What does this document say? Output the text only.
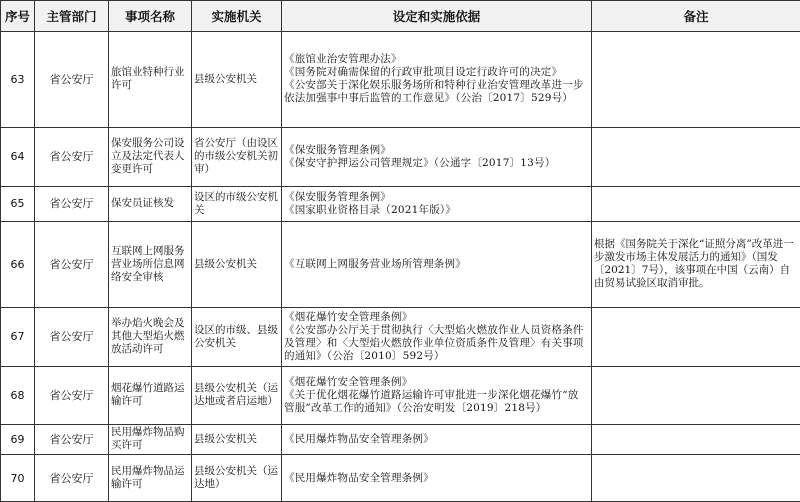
序号	主管部门	事项名称	实施机关	设定和实施依据	备注
63	省公安厅	旅馆业特种行业许可	县级公安机关	《旅馆业治安管理办法》
《国务院对确需保留的行政审批项目设定行政许可的决定》
《公安部关于深化娱乐服务场所和特种行业治安管理改革进一步依法加强事中事后监管的工作意见》（公治〔2017〕529号）	

64	省公安厅	保安服务公司设立及法定代表人变更许可	省公安厅（由设区的市级公安机关初审）	《保安服务管理条例》
《保安守护押运公司管理规定》（公通字〔2017〕13号）	

65	省公安厅	保安员证核发	设区的市级公安机关	《保安服务管理条例》
《国家职业资格目录（2021年版）》	

66	省公安厅	互联网上网服务营业场所信息网络安全审核	县级公安机关	《互联网上网服务营业场所管理条例》	根据《国务院关于深化“证照分离”改革进一步激发市场主体发展活力的通知》（国发〔2021〕7号），该事项在中国（云南）自由贸易试验区取消审批。
67	省公安厅	举办焰火晚会及其他大型焰火燃放活动许可	设区的市级、县级公安机关	《烟花爆竹安全管理条例》
《公安部办公厅关于贯彻执行〈大型焰火燃放作业人员资格条件及管理〉和〈大型焰火燃放作业单位资质条件及管理〉有关事项的通知》（公治〔2010〕592号）	

68	省公安厅	烟花爆竹道路运输许可	县级公安机关（运达地或者启运地）	《烟花爆竹安全管理条例》
《关于优化烟花爆竹道路运输许可审批进一步深化烟花爆竹“放管服”改革工作的通知》（公治安明发〔2019〕218号）	

69	省公安厅	民用爆炸物品购买许可	县级公安机关	《民用爆炸物品安全管理条例》	

70	省公安厅	民用爆炸物品运输许可	县级公安机关（运达地）	《民用爆炸物品安全管理条例》	
